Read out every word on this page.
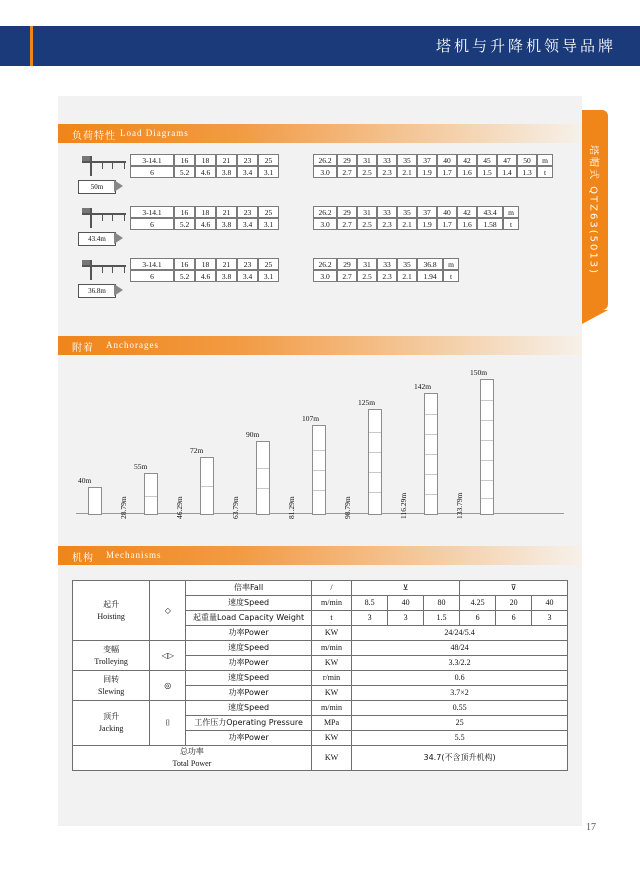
塔机与升降机领导品牌
塔帽式 QTZ63(5013)
负荷特性 Load Diagrams
50m
3-14.1	16	18	21	23	25	26.2	29	31	33	35	37	40	42	45	47	50	m
6	5.2	4.6	3.8	3.4	3.1	3.0	2.7	2.5	2.3	2.1	1.9	1.7	1.6	1.5	1.4	1.3	t
43.4m
3-14.1	16	18	21	23	25	26.2	29	31	33	35	37	40	42	43.4	m
6	5.2	4.6	3.8	3.4	3.1	3.0	2.7	2.5	2.3	2.1	1.9	1.7	1.6	1.58	t
36.8m
3-14.1	16	18	21	23	25	26.2	29	31	33	35	36.8	m
6	5.2	4.6	3.8	3.4	3.1	3.0	2.7	2.5	2.3	2.1	1.94	t
附着 Anchorages
40m
55m
28.79m
72m
46.29m
90m
63.79m
107m
81.29m
125m
98.79m
142m
116.29m
150m
133.79m
机构 Mechanisms
起升
Hoisting	◇	倍率Fall	/	⊻			⊽		
		速度Speed	m/min	8.5	40	80	4.25	20	40
		起重量Load Capacity Weight	t	3	3	1.5	6	6	3
		功率Power	KW	24/24/5.4					

变幅
Trolleying	◁▷	速度Speed	m/min	48/24					
		功率Power	KW	3.3/2.2					

回转
Slewing	◎	速度Speed	r/min	0.6					
		功率Power	KW	3.7×2					

顶升
Jacking	⌷	速度Speed	m/min	0.55					
		工作压力Operating Pressure	MPa	25					
		功率Power	KW	5.5					

总功率
Total Power			KW	34.7(不含顶升机构)					
17
